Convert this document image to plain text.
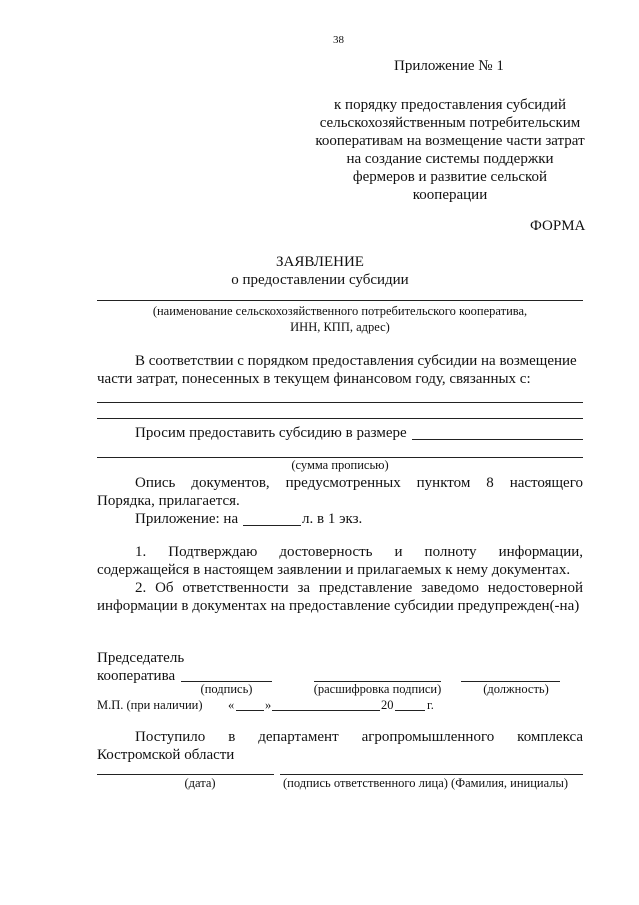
38
Приложение № 1
к порядку предоставления субсидий
сельскохозяйственным потребительским
кооперативам на возмещение части затрат
на создание системы поддержки
фермеров и развитие сельской
кооперации
ФОРМА
ЗАЯВЛЕНИЕ
о предоставлении субсидии
(наименование сельскохозяйственного потребительского кооператива,
ИНН, КПП, адрес)
В соответствии с порядком предоставления субсидии на возмещение
части затрат, понесенных в текущем финансовом году, связанных с:
Просим предоставить субсидию в размере
(сумма прописью)
Опись документов, предусмотренных пунктом 8 настоящего
Порядка, прилагается.
Приложение: на	л. в 1 экз.
1. Подтверждаю достоверность и полноту информации,
содержащейся в настоящем заявлении и прилагаемых к нему документах.
2. Об ответственности за представление заведомо недостоверной
информации в документах на предоставление субсидии предупрежден(-на)
Председатель
кооператива
(подпись)	(расшифровка подписи)	(должность)
М.П. (при наличии) « »	20	г.
Поступило в департамент агропромышленного комплекса
Костромской области
(дата)	(подпись ответственного лица) (Фамилия, инициалы)
